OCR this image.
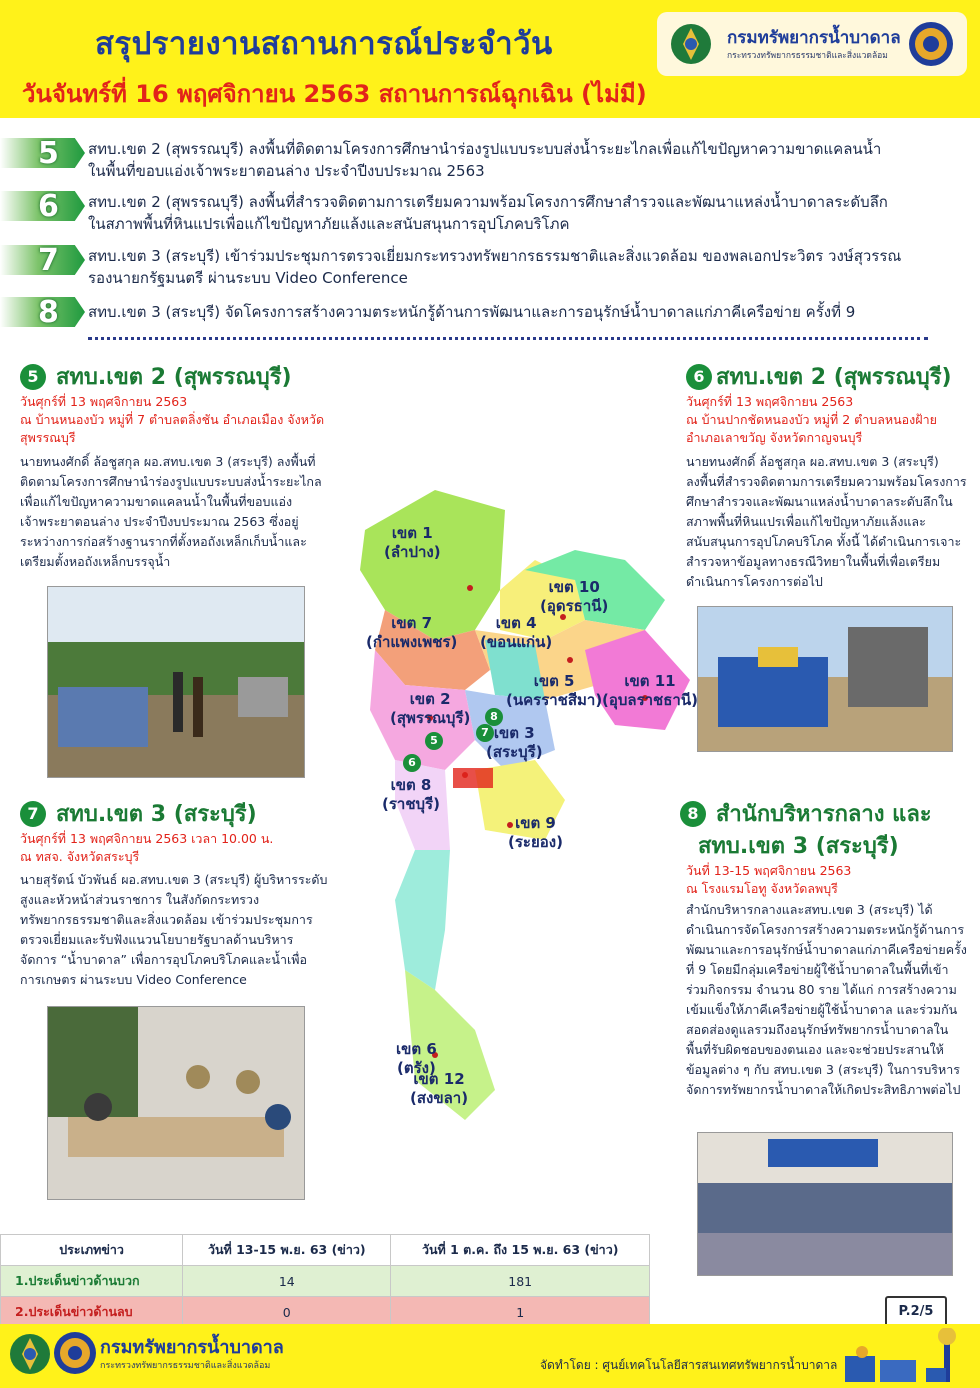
สรุปรายงานสถานการณ์ประจำวัน
วันจันทร์ที่ 16 พฤศจิกายน 2563 สถานการณ์ฉุกเฉิน (ไม่มี)
กรมทรัพยากรน้ำบาดาล
กระทรวงทรัพยากรธรรมชาติและสิ่งแวดล้อม
5 สทบ.เขต 2 (สุพรรณบุรี) ลงพื้นที่ติดตามโครงการศึกษานำร่องรูปแบบระบบส่งน้ำระยะไกลเพื่อแก้ไขปัญหาความขาดแคลนน้ำ
ในพื้นที่ขอบแอ่งเจ้าพระยาตอนล่าง ประจำปีงบประมาณ 2563
6 สทบ.เขต 2 (สุพรรณบุรี) ลงพื้นที่สำรวจติดตามการเตรียมความพร้อมโครงการศึกษาสำรวจและพัฒนาแหล่งน้ำบาดาลระดับลึก
ในสภาพพื้นที่หินแปรเพื่อแก้ไขปัญหาภัยแล้งและสนับสนุนการอุปโภคบริโภค
7 สทบ.เขต 3 (สระบุรี) เข้าร่วมประชุมการตรวจเยี่ยมกระทรวงทรัพยากรธรรมชาติและสิ่งแวดล้อม ของพลเอกประวิตร วงษ์สุวรรณ
รองนายกรัฐมนตรี ผ่านระบบ Video Conference
8 สทบ.เขต 3 (สระบุรี) จัดโครงการสร้างความตระหนักรู้ด้านการพัฒนาและการอนุรักษ์น้ำบาดาลแก่ภาคีเครือข่าย ครั้งที่ 9
5 สทบ.เขต 2 (สุพรรณบุรี)
วันศุกร์ที่ 13 พฤศจิกายน 2563
ณ บ้านหนองบัว หมู่ที่ 7 ตำบลตลิ่งชัน อำเภอเมือง จังหวัดสุพรรณบุรี
นายทนงศักดิ์ ล้อชูสกุล ผอ.สทบ.เขต 3 (สระบุรี) ลงพื้นที่ติดตามโครงการศึกษานำร่องรูปแบบระบบส่งน้ำระยะไกลเพื่อแก้ไขปัญหาความขาดแคลนน้ำในพื้นที่ขอบแอ่งเจ้าพระยาตอนล่าง ประจำปีงบประมาณ 2563 ซึ่งอยู่ระหว่างการก่อสร้างฐานรากที่ตั้งหอถังเหล็กเก็บน้ำและเตรียมตั้งหอถังเหล็กบรรจุน้ำ
6 สทบ.เขต 2 (สุพรรณบุรี)
วันศุกร์ที่ 13 พฤศจิกายน 2563
ณ บ้านปากชัดหนองบัว หมู่ที่ 2 ตำบลหนองฝ้าย อำเภอเลาขวัญ จังหวัดกาญจนบุรี
นายทนงศักดิ์ ล้อชูสกุล ผอ.สทบ.เขต 3 (สระบุรี) ลงพื้นที่สำรวจติดตามการเตรียมความพร้อมโครงการศึกษาสำรวจและพัฒนาแหล่งน้ำบาดาลระดับลึกในสภาพพื้นที่หินแปรเพื่อแก้ไขปัญหาภัยแล้งและสนับสนุนการอุปโภคบริโภค ทั้งนี้ ได้ดำเนินการเจาะสำรวจหาข้อมูลทางธรณีวิทยาในพื้นที่เพื่อเตรียมดำเนินการโครงการต่อไป
เขต 1
(ลำปาง)
เขต 10
(อุดรธานี)
เขต 7
(กำแพงเพชร)
เขต 4
(ขอนแก่น)
เขต 5
(นครราชสีมา)
เขต 11
(อุบลราชธานี)
เขต 2
(สุพรรณบุรี)
เขต 3
(สระบุรี)
เขต 8
(ราชบุรี)
เขต 9
(ระยอง)
เขต 6
(ตรัง)
เขต 12
(สงขลา)
5
6
7
8
7 สทบ.เขต 3 (สระบุรี)
วันศุกร์ที่ 13 พฤศจิกายน 2563 เวลา 10.00 น.
ณ ทสจ. จังหวัดสระบุรี
นายสุรัตน์ บัวพันธ์ ผอ.สทบ.เขต 3 (สระบุรี) ผู้บริหารระดับสูงและหัวหน้าส่วนราชการ ในสังกัดกระทรวงทรัพยากรธรรมชาติและสิ่งแวดล้อม เข้าร่วมประชุมการตรวจเยี่ยมและรับฟังแนวนโยบายรัฐบาลด้านบริหารจัดการ “น้ำบาดาล” เพื่อการอุปโภคบริโภคและน้ำเพื่อการเกษตร ผ่านระบบ Video Conference
8 สำนักบริหารกลาง และ
สทบ.เขต 3 (สระบุรี)
วันที่ 13-15 พฤศจิกายน 2563
ณ โรงแรมโอทู จังหวัดลพบุรี
สำนักบริหารกลางและสทบ.เขต 3 (สระบุรี) ได้ดำเนินการจัดโครงการสร้างความตระหนักรู้ด้านการพัฒนาและการอนุรักษ์น้ำบาดาลแก่ภาคีเครือข่ายครั้งที่ 9 โดยมีกลุ่มเครือข่ายผู้ใช้น้ำบาดาลในพื้นที่เข้าร่วมกิจกรรม จำนวน 80 ราย ได้แก่ การสร้างความเข้มแข็งให้ภาคีเครือข่ายผู้ใช้น้ำบาดาล และร่วมกันสอดส่องดูแลรวมถึงอนุรักษ์ทรัพยากรน้ำบาดาลในพื้นที่รับผิดชอบของตนเอง และจะช่วยประสานให้ข้อมูลต่าง ๆ กับ สทบ.เขต 3 (สระบุรี) ในการบริหารจัดการทรัพยากรน้ำบาดาลให้เกิดประสิทธิภาพต่อไป
ประเภทข่าว	วันที่ 13-15 พ.ย. 63 (ข่าว)	วันที่ 1 ต.ค. ถึง 15 พ.ย. 63 (ข่าว)
1.ประเด็นข่าวด้านบวก	14	181
2.ประเด็นข่าวด้านลบ	0	1	P.2/5
กรมทรัพยากรน้ำบาดาล
กระทรวงทรัพยากรธรรมชาติและสิ่งแวดล้อม	จัดทำโดย : ศูนย์เทคโนโลยีสารสนเทศทรัพยากรน้ำบาดาล
